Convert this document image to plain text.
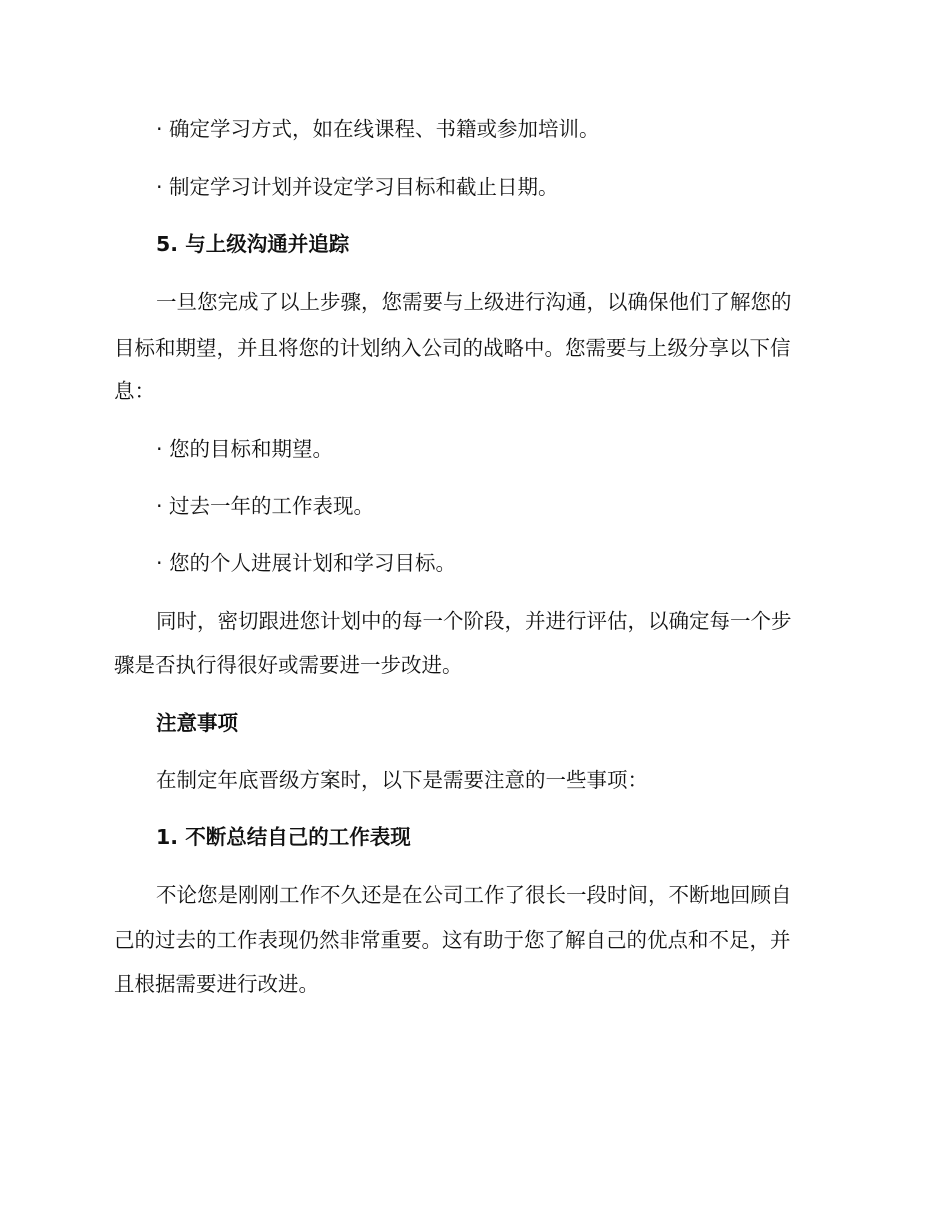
· 确定学习方式，如在线课程、书籍或参加培训。
· 制定学习计划并设定学习目标和截止日期。
5. 与上级沟通并追踪
一旦您完成了以上步骤，您需要与上级进行沟通，以确保他们了解您的
目标和期望，并且将您的计划纳入公司的战略中。您需要与上级分享以下信
息：
· 您的目标和期望。
· 过去一年的工作表现。
· 您的个人进展计划和学习目标。
同时，密切跟进您计划中的每一个阶段，并进行评估，以确定每一个步
骤是否执行得很好或需要进一步改进。
注意事项
在制定年底晋级方案时，以下是需要注意的一些事项：
1. 不断总结自己的工作表现
不论您是刚刚工作不久还是在公司工作了很长一段时间，不断地回顾自
己的过去的工作表现仍然非常重要。这有助于您了解自己的优点和不足，并
且根据需要进行改进。
